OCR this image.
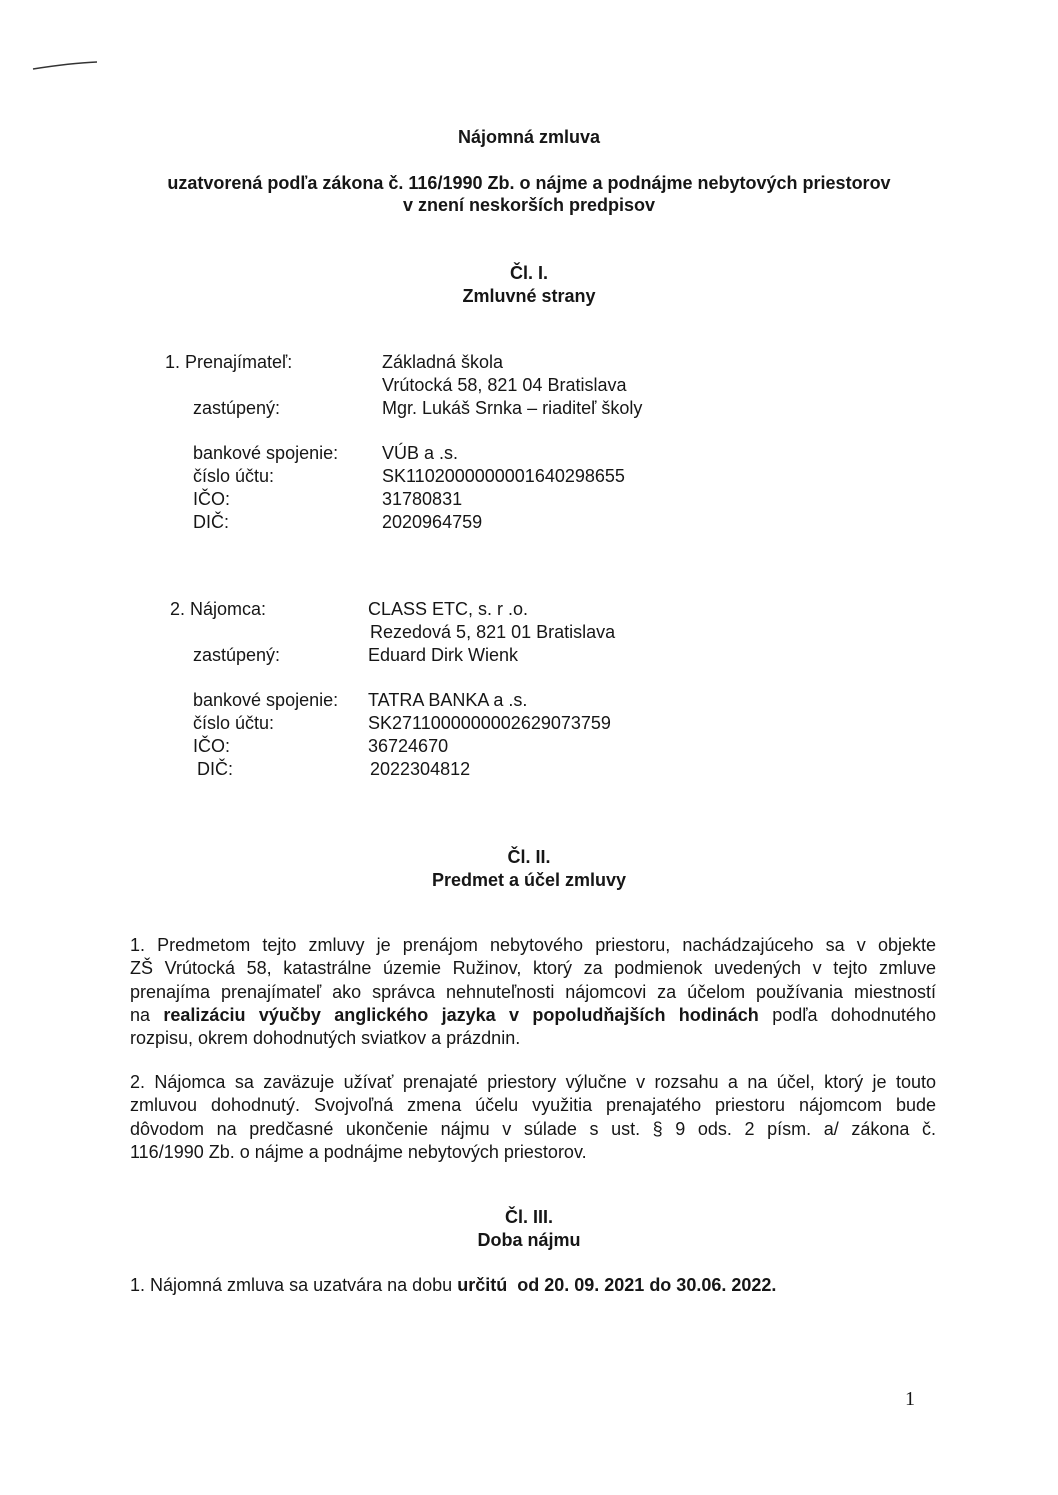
Nájomná zmluva
uzatvorená podľa zákona č. 116/1990 Zb. o nájme a podnájme nebytových priestorov
v znení neskorších predpisov
Čl. I.
Zmluvné strany
1. Prenajímateľ:	Základná škola
Vrútocká 58, 821 04 Bratislava
zastúpený:	Mgr. Lukáš Srnka – riaditeľ školy
bankové spojenie: VÚB a .s.
číslo účtu:	SK1102000000001640298655
IČO:	31780831
DIČ:	2020964759
2. Nájomca:	CLASS ETC, s. r .o.
Rezedová 5, 821 01 Bratislava
zastúpený:	Eduard Dirk Wienk
bankové spojenie: TATRA BANKA a .s.
číslo účtu:	SK2711000000002629073759
IČO:	36724670
DIČ:	2022304812
Čl. II.
Predmet a účel zmluvy
1. Predmetom tejto zmluvy je prenájom nebytového priestoru, nachádzajúceho sa v objekte
ZŠ Vrútocká 58, katastrálne územie Ružinov, ktorý za podmienok uvedených v tejto zmluve
prenajíma prenajímateľ ako správca nehnuteľnosti nájomcovi za účelom používania miestností
na realizáciu výučby anglického jazyka v popoludňajších hodinách podľa dohodnutého
rozpisu, okrem dohodnutých sviatkov a prázdnin.
2. Nájomca sa zaväzuje užívať prenajaté priestory výlučne v rozsahu a na účel, ktorý je touto
zmluvou dohodnutý. Svojvoľná zmena účelu využitia prenajatého priestoru nájomcom bude
dôvodom na predčasné ukončenie nájmu v súlade s ust. § 9 ods. 2 písm. a/ zákona č.
116/1990 Zb. o nájme a podnájme nebytových priestorov.
Čl. III.
Doba nájmu
1. Nájomná zmluva sa uzatvára na dobu určitú od 20. 09. 2021 do 30.06. 2022.
1
